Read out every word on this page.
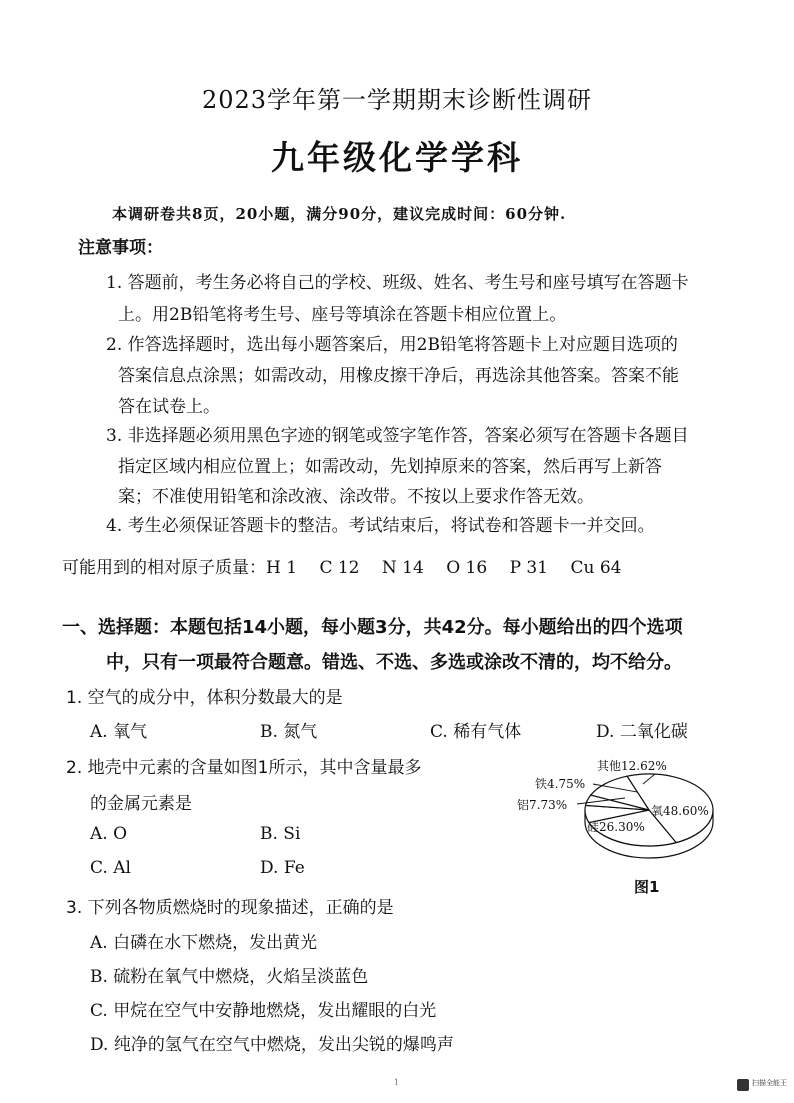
2023学年第一学期期末诊断性调研
九年级化学学科
本调研卷共8页，20小题，满分90分，建议完成时间：60分钟.
注意事项：
1. 答题前，考生务必将自己的学校、班级、姓名、考生号和座号填写在答题卡
上。用2B铅笔将考生号、座号等填涂在答题卡相应位置上。
2. 作答选择题时，选出每小题答案后，用2B铅笔将答题卡上对应题目选项的
答案信息点涂黑；如需改动，用橡皮擦干净后，再选涂其他答案。答案不能
答在试卷上。
3. 非选择题必须用黑色字迹的钢笔或签字笔作答，答案必须写在答题卡各题目
指定区域内相应位置上；如需改动，先划掉原来的答案，然后再写上新答
案；不准使用铅笔和涂改液、涂改带。不按以上要求作答无效。
4. 考生必须保证答题卡的整洁。考试结束后，将试卷和答题卡一并交回。
可能用到的相对原子质量：H 1　 C 12　 N 14　 O 16　 P 31　 Cu 64
一、选择题：本题包括14小题，每小题3分，共42分。每小题给出的四个选项
中，只有一项最符合题意。错选、不选、多选或涂改不清的，均不给分。
1. 空气的成分中，体积分数最大的是
A. 氧气	B. 氮气	C. 稀有气体	D. 二氧化碳
2. 地壳中元素的含量如图1所示，其中含量最多
的金属元素是
A. O	B. Si
C. Al	D. Fe
其他12.62%
铁4.75%
铝7.73%
硅26.30%
氧48.60%
图1
3. 下列各物质燃烧时的现象描述，正确的是
A. 白磷在水下燃烧，发出黄光
B. 硫粉在氧气中燃烧，火焰呈淡蓝色
C. 甲烷在空气中安静地燃烧，发出耀眼的白光
D. 纯净的氢气在空气中燃烧，发出尖锐的爆鸣声
1	扫描全能王
